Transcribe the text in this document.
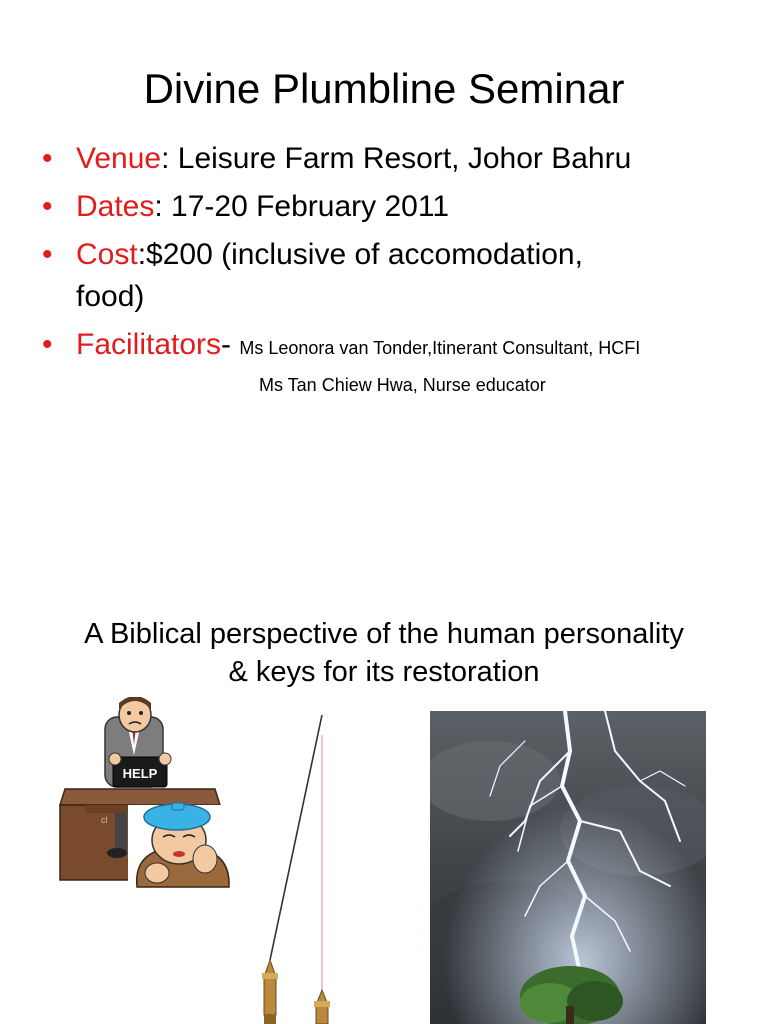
Divine Plumbline Seminar
• Venue: Leisure Farm Resort, Johor Bahru
• Dates: 17-20 February 2011
• Cost:$200 (inclusive of accomodation,
food)
• Facilitators- Ms Leonora van Tonder,Itinerant Consultant, HCFI
Ms Tan Chiew Hwa, Nurse educator
A Biblical perspective of the human personality
& keys for its restoration
HELP
cl
